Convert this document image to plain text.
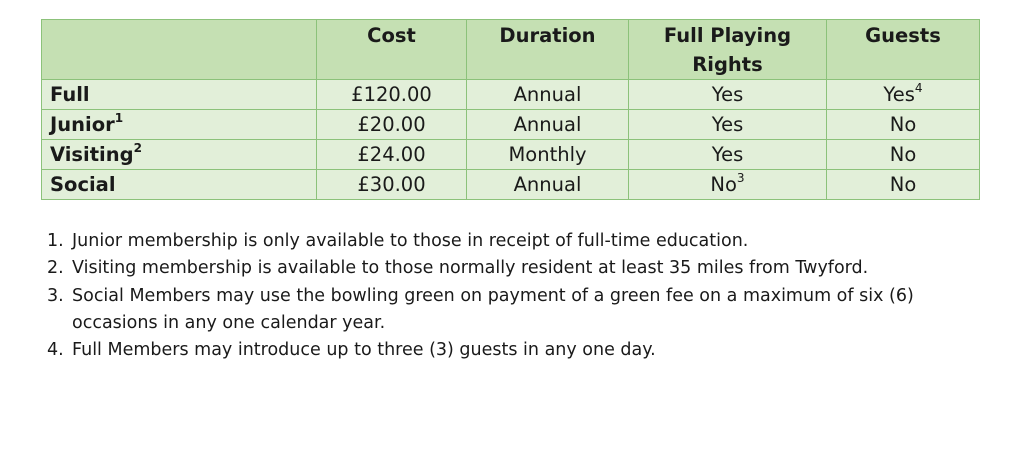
	Cost	Duration	Full Playing Rights	Guests
Full	£120.00	Annual	Yes	Yes$^4$
Junior$^1$	£20.00	Annual	Yes	No
Visiting$^2$	£24.00	Monthly	Yes	No
Social	£30.00	Annual	No$^3$	No
1. Junior membership is only available to those in receipt of full-time education.
2. Visiting membership is available to those normally resident at least 35 miles from Twyford.
3. Social Members may use the bowling green on payment of a green fee on a maximum of six (6) occasions in any one calendar year.
4. Full Members may introduce up to three (3) guests in any one day.
